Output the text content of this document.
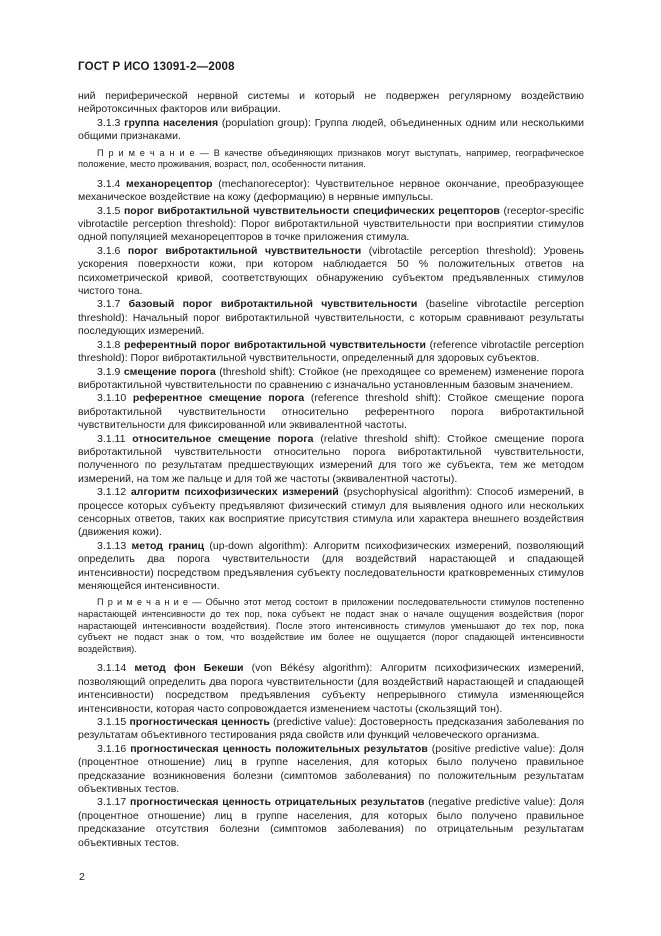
ГОСТ Р ИСО 13091-2—2008

ний периферической нервной системы и который не подвержен регулярному воздействию нейротоксичных факторов или вибрации.

3.1.3 группа населения (population group): Группа людей, объединенных одним или несколькими общими признаками.

П р и м е ч а н и е — В качестве объединяющих признаков могут выступать, например, географическое положение, место проживания, возраст, пол, особенности питания.

3.1.4 механорецептор (mechanoreceptor): Чувствительное нервное окончание, преобразующее механическое воздействие на кожу (деформацию) в нервные импульсы.

3.1.5 порог вибротактильной чувствительности специфических рецепторов (receptor-specific vibrotactile perception threshold): Порог вибротактильной чувствительности при восприятии стимулов одной популяцией механорецепторов в точке приложения стимула.

3.1.6 порог вибротактильной чувствительности (vibrotactile perception threshold): Уровень ускорения поверхности кожи, при котором наблюдается 50 % положительных ответов на психометрической кривой, соответствующих обнаружению субъектом предъявленных стимулов чистого тона.

3.1.7 базовый порог вибротактильной чувствительности (baseline vibrotactile perception threshold): Начальный порог вибротактильной чувствительности, с которым сравнивают результаты последующих измерений.

3.1.8 референтный порог вибротактильной чувствительности (reference vibrotactile perception threshold): Порог вибротактильной чувствительности, определенный для здоровых субъектов.

3.1.9 смещение порога (threshold shift): Стойкое (не преходящее со временем) изменение порога вибротактильной чувствительности по сравнению с изначально установленным базовым значением.

3.1.10 референтное смещение порога (reference threshold shift): Стойкое смещение порога вибротактильной чувствительности относительно референтного порога вибротактильной чувствительности для фиксированной или эквивалентной частоты.

3.1.11 относительное смещение порога (relative threshold shift): Стойкое смещение порога вибротактильной чувствительности относительно порога вибротактильной чувствительности, полученного по результатам предшествующих измерений для того же субъекта, тем же методом измерений, на том же пальце и для той же частоты (эквивалентной частоты).

3.1.12 алгоритм психофизических измерений (psychophysical algorithm): Способ измерений, в процессе которых субъекту предъявляют физический стимул для выявления одного или нескольких сенсорных ответов, таких как восприятие присутствия стимула или характера внешнего воздействия (движения кожи).

3.1.13 метод границ (up-down algorithm): Алгоритм психофизических измерений, позволяющий определить два порога чувствительности (для воздействий нарастающей и спадающей интенсивности) посредством предъявления субъекту последовательности кратковременных стимулов меняющейся интенсивности.

П р и м е ч а н и е — Обычно этот метод состоит в приложении последовательности стимулов постепенно нарастающей интенсивности до тех пор, пока субъект не подаст знак о начале ощущения воздействия (порог нарастающей интенсивности воздействия). После этого интенсивность стимулов уменьшают до тех пор, пока субъект не подаст знак о том, что воздействие им более не ощущается (порог спадающей интенсивности воздействия).

3.1.14 метод фон Бекеши (von Békésy algorithm): Алгоритм психофизических измерений, позволяющий определить два порога чувствительности (для воздействий нарастающей и спадающей интенсивности) посредством предъявления субъекту непрерывного стимула изменяющейся интенсивности, которая часто сопровождается изменением частоты (скользящий тон).

3.1.15 прогностическая ценность (predictive value): Достоверность предсказания заболевания по результатам объективного тестирования ряда свойств или функций человеческого организма.

3.1.16 прогностическая ценность положительных результатов (positive predictive value): Доля (процентное отношение) лиц в группе населения, для которых было получено правильное предсказание возникновения болезни (симптомов заболевания) по положительным результатам объективных тестов.

3.1.17 прогностическая ценность отрицательных результатов (negative predictive value): Доля (процентное отношение) лиц в группе населения, для которых было получено правильное предсказание отсутствия болезни (симптомов заболевания) по отрицательным результатам объективных тестов.

2
